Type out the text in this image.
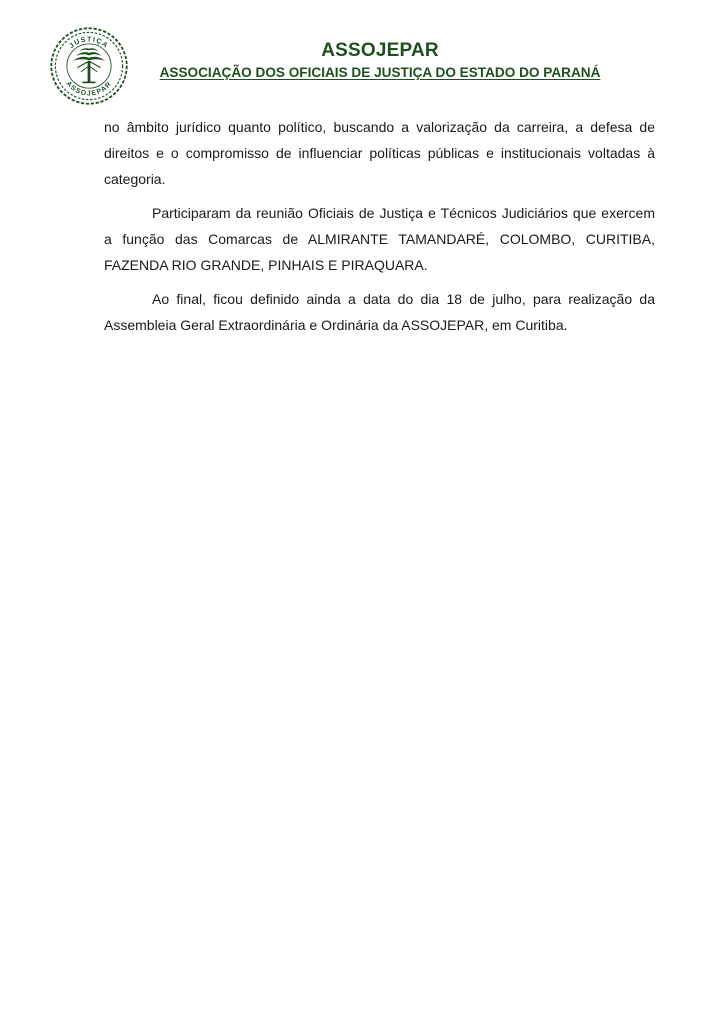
JUSTIÇA
ASSOJEPAR
ASSOJEPAR
ASSOCIAÇÃO DOS OFICIAIS DE JUSTIÇA DO ESTADO DO PARANÁ

no âmbito jurídico quanto político, buscando a valorização da carreira, a defesa de direitos e o compromisso de influenciar políticas públicas e institucionais voltadas à categoria.

Participaram da reunião Oficiais de Justiça e Técnicos Judiciários que exercem a função das Comarcas de ALMIRANTE TAMANDARÉ, COLOMBO, CURITIBA, FAZENDA RIO GRANDE, PINHAIS E PIRAQUARA.

Ao final, ficou definido ainda a data do dia 18 de julho, para realização da Assembleia Geral Extraordinária e Ordinária da ASSOJEPAR, em Curitiba.
